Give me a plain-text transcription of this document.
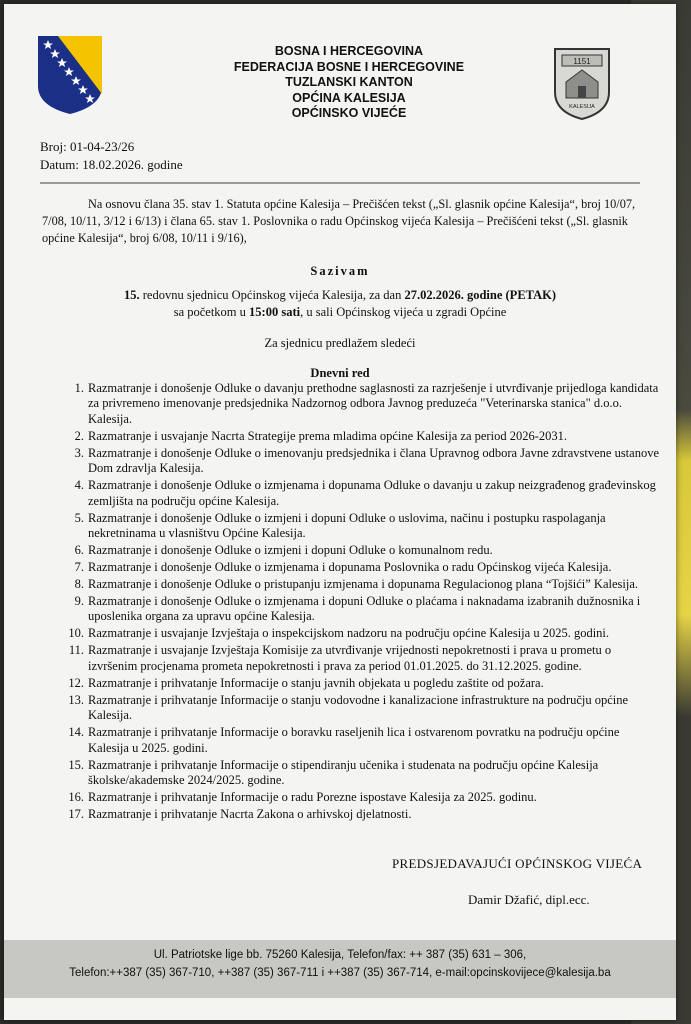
BOSNA I HERCEGOVINA
FEDERACIJA BOSNE I HERCEGOVINE
TUZLANSKI KANTON
OPĆINA KALESIJA
OPĆINSKO VIJEĆE
1151
KALESIJA
Broj: 01-04-23/26
Datum: 18.02.2026. godine
Na osnovu člana 35. stav 1. Statuta općine Kalesija – Prečišćen tekst („Sl. glasnik općine Kalesija“, broj 10/07, 7/08, 10/11, 3/12 i 6/13) i člana 65. stav 1. Poslovnika o radu Općinskog vijeća Kalesija – Prečišćeni tekst („Sl. glasnik općine Kalesija“, broj 6/08, 10/11 i 9/16),
Sazivam
15. redovnu sjednicu Općinskog vijeća Kalesija, za dan 27.02.2026. godine (PETAK)
sa početkom u 15:00 sati, u sali Općinskog vijeća u zgradi Općine
Za sjednicu predlažem sledeći
Dnevni red
1. Razmatranje i donošenje Odluke o davanju prethodne saglasnosti za razrješenje i utvrđivanje prijedloga kandidata za privremeno imenovanje predsjednika Nadzornog odbora Javnog preduzeća "Veterinarska stanica" d.o.o. Kalesija.
2. Razmatranje i usvajanje Nacrta Strategije prema mladima općine Kalesija za period 2026-2031.
3. Razmatranje i donošenje Odluke o imenovanju predsjednika i člana Upravnog odbora Javne zdravstvene ustanove Dom zdravlja Kalesija.
4. Razmatranje i donošenje Odluke o izmjenama i dopunama Odluke o davanju u zakup neizgrađenog građevinskog zemljišta na području općine Kalesija.
5. Razmatranje i donošenje Odluke o izmjeni i dopuni Odluke o uslovima, načinu i postupku raspolaganja nekretninama u vlasništvu Općine Kalesija.
6. Razmatranje i donošenje Odluke o izmjeni i dopuni Odluke o komunalnom redu.
7. Razmatranje i donošenje Odluke o izmjenama i dopunama Poslovnika o radu Općinskog vijeća Kalesija.
8. Razmatranje i donošenje Odluke o pristupanju izmjenama i dopunama Regulacionog plana “Tojšići” Kalesija.
9. Razmatranje i donošenje Odluke o izmjenama i dopuni Odluke o plaćama i naknadama izabranih dužnosnika i uposlenika organa za upravu općine Kalesija.
10. Razmatranje i usvajanje Izvještaja o inspekcijskom nadzoru na području općine Kalesija u 2025. godini.
11. Razmatranje i usvajanje Izvještaja Komisije za utvrđivanje vrijednosti nepokretnosti i prava u prometu o izvršenim procjenama prometa nepokretnosti i prava za period 01.01.2025. do 31.12.2025. godine.
12. Razmatranje i prihvatanje Informacije o stanju javnih objekata u pogledu zaštite od požara.
13. Razmatranje i prihvatanje Informacije o stanju vodovodne i kanalizacione infrastrukture na području općine Kalesija.
14. Razmatranje i prihvatanje Informacije o boravku raseljenih lica i ostvarenom povratku na području općine Kalesija u 2025. godini.
15. Razmatranje i prihvatanje Informacije o stipendiranju učenika i studenata na području općine Kalesija školske/akademske 2024/2025. godine.
16. Razmatranje i prihvatanje Informacije o radu Porezne ispostave Kalesija za 2025. godinu.
17. Razmatranje i prihvatanje Nacrta Zakona o arhivskoj djelatnosti.
PREDSJEDAVAJUĆI OPĆINSKOG VIJEĆA
Damir Džafić, dipl.ecc.
Ul. Patriotske lige bb. 75260 Kalesija, Telefon/fax: ++ 387 (35) 631 – 306,
Telefon:++387 (35) 367-710, ++387 (35) 367-711 i ++387 (35) 367-714, e-mail:opcinskovijece@kalesija.ba
